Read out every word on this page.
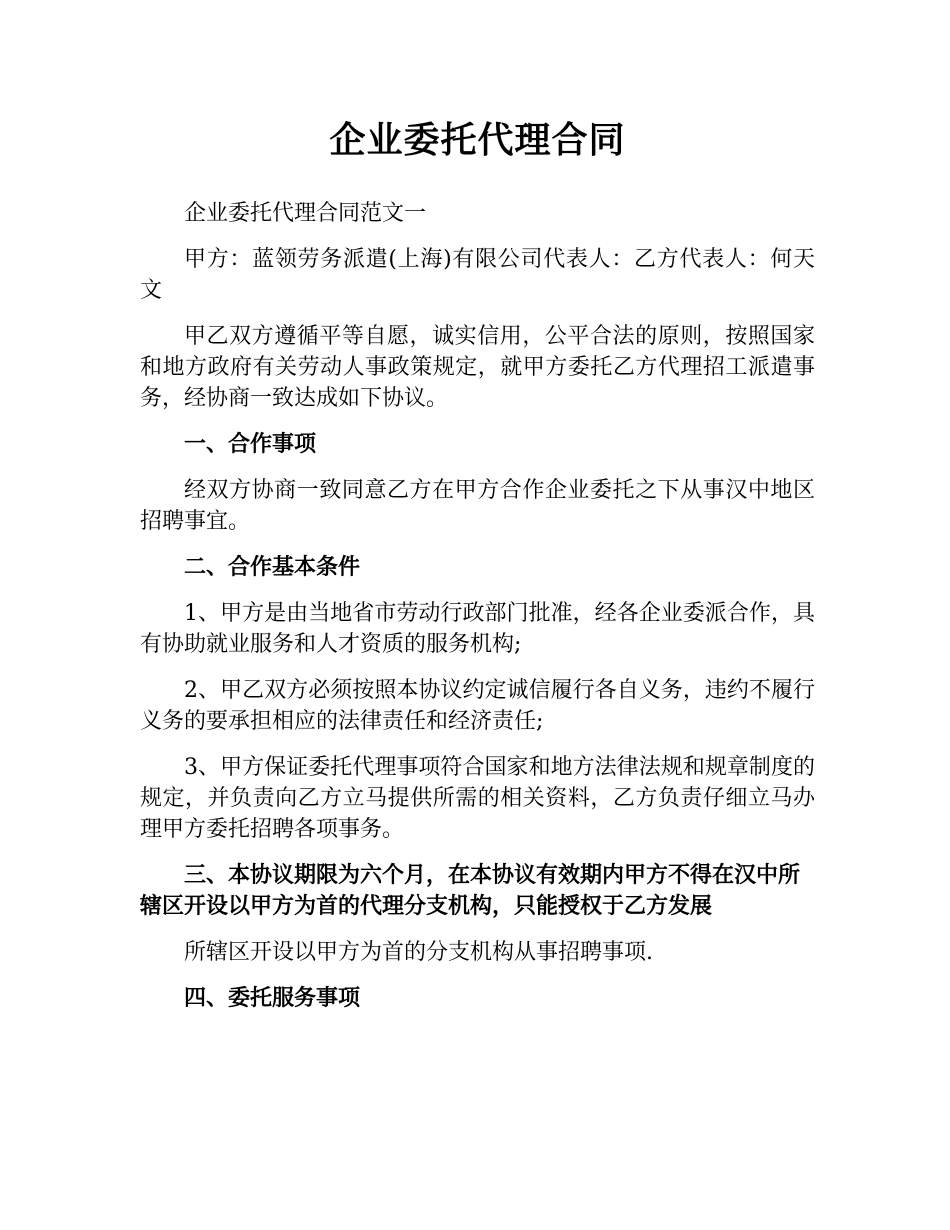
企业委托代理合同

企业委托代理合同范文一

甲方：蓝领劳务派遣(上海)有限公司代表人：乙方代表人：何天文

甲乙双方遵循平等自愿，诚实信用，公平合法的原则，按照国家和地方政府有关劳动人事政策规定，就甲方委托乙方代理招工派遣事务，经协商一致达成如下协议。

一、合作事项

经双方协商一致同意乙方在甲方合作企业委托之下从事汉中地区招聘事宜。

二、合作基本条件

1、甲方是由当地省市劳动行政部门批准，经各企业委派合作，具有协助就业服务和人才资质的服务机构;

2、甲乙双方必须按照本协议约定诚信履行各自义务，违约不履行义务的要承担相应的法律责任和经济责任;

3、甲方保证委托代理事项符合国家和地方法律法规和规章制度的规定，并负责向乙方立马提供所需的相关资料，乙方负责仔细立马办理甲方委托招聘各项事务。

三、本协议期限为六个月，在本协议有效期内甲方不得在汉中所辖区开设以甲方为首的代理分支机构，只能授权于乙方发展

所辖区开设以甲方为首的分支机构从事招聘事项.

四、委托服务事项
